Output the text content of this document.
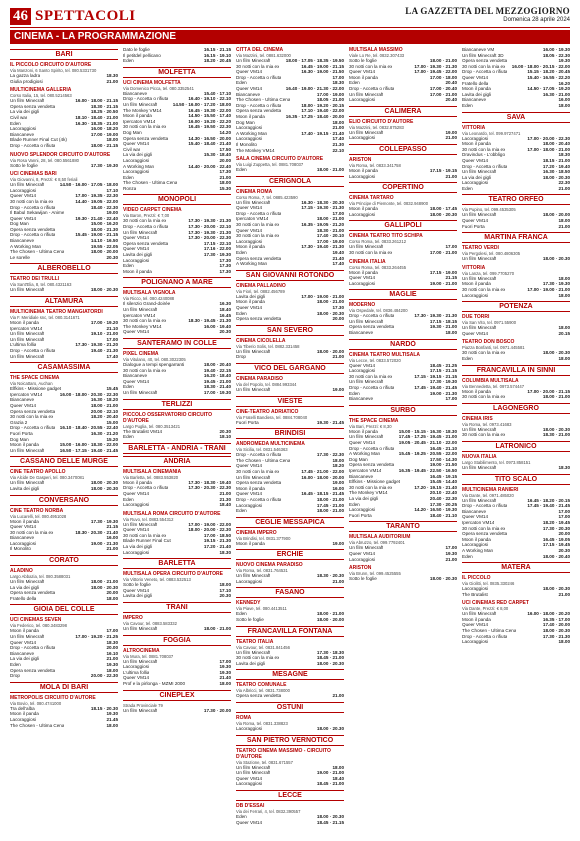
46 SPETTACOLI	LA GAZZETTA DEL MEZZOGIORNO
Domenica 28 aprile 2024
CINEMA - LA PROGRAMMAZIONE
BARI
IL PICCOLO CIRCUITO D'AUTORE
Via Manzoni, 6 Santo Spirito, tel. 080.5331730
La gazza ladra	18.30
Giulia prodigiosi	21.00
MULTICINEMA GALLERIA
Corso Italia, 15, tel. 080.5214563
Un film Minecraft	16.00 · 18.00 · 21.15
Opera senza vendetta	18.30 · 21.15
La via dei gigli	18.25 · 20.50
Civil war	18.10 · 18.40 · 21.00
Eden	16.30 · 18.35 · 21.00
Lacoraggiosi	16.00 · 18.20
Biancaneve	17.00 · 19.00
Blade Runner Final Cut (4k)	18.00
Drop - Accetta o rifiuta	18.00 · 21.15
NUOVO SPLENDOR CIRCUITO D'AUTORE
Via Rosa Vanni, 28, tel. 080.5561880
Sotto le foglie	17.30 · 19.30
UCI CINEMAS BARI
Via Giovanni, 8, Prezzi: € 8,50 feriali
Un film Minecraft	14.50 · 16.00 · 17.05 · 18.00
Lacoraggiosi	17.10
Queer VM14	17.00 · 19.35 · 22.30
30 notti con la mia ex	14.40 · 19.05 · 22.00
Drop - Accetta o rifiuta	18.40 · 22.30
Il Babul Sekawijan - Anime	19.00
Queer VM14	19.30 · 21.40 · 22.40
Dog Man	15.00 · 16.20
Opera senza vendetta	18.00 · 21.30
Drop - Accetta o rifiuta	15.45 · 19.00 · 21.15
Biancaneve	14.10 · 16.50
A Working Man	19.55 · 22.05
The Chosen - Ultima Cena	18.00 · 20.00
Le sorelle	20.30
ALBEROBELLO
TEATRO DEI TRULLI
Via Sant'Elia, 8, tel. 080.4321163
Un film Minecraft	18.00 · 20.30
ALTAMURA
MULTICINEMA TEATRO MANGIATORDI
Via F. Meridiale snc, tel. 080.3141671
Moon il panda	17.00 · 19.20
Ipercaton VM14	21.10
Un film Minecraft	19.10 · 21.00
Un film Minecraft	17.00
L'ultima follia	17.30 · 19.30 · 21.20
Drop - Accetta o rifiuta	19.40 · 21.30
Un film Minecraft	17.40
CASAMASSIMA
THE SPACE CINEMA
Via Noicattaro, Auchan
Elfkins - Missione gadget	15.45
Ipercaton VM14	16.00 · 18.00 · 20.30 · 22.30
Biancaneve	16.30 · 18.20
Queer VM14	18.00 · 21.00
Opera senza vendetta	20.00 · 22.10
30 notti con la mia ex	18.20 · 20.40
Grazia 2	15.00
Drop - Accetta o rifiuta 16.10 · 18.40 · 20.55 · 22.40
Fuori Porta	16.30 · 21.20
Dog Man	15.20
Moon il panda	15.00 · 16.00 · 18.30 · 22.00
Un film Minecraft	16.50 · 17.15 · 19.40 · 21.45
CASSANO DELLE MURGE
CINE TEATRO APOLLO
Via Alcide De Gasperi, tel. 080.3470081
Un film Minecraft	18.00 · 20.30
Lavita dei gigli	18.00 · 20.30
CONVERSANO
CINE TEATRO NORBA
Via Lucarelli, tel. 080.4951028
Moon il panda	17.30 · 19.30
Queer VM14	21.15
30 notti con la mia ex	18.30 · 20.30 · 21.40
Biancaneve	16.00
Lacoraggiosi	19.00 · 21.30
Il Monolito	21.00
CORATO
ALADINO
Largo Abbazia, tel. 080.3588031
Un film Minecraft	18.00 · 21.00
La via dei gigli	18.00 · 20.30
Opera senza vendetta	20.00
Fratello della	18.00
GIOIA DEL COLLE
UCI CINEMAS SEVEN
Via Federico, tel. 080.3483298
Moon il panda	17.00
Un film Minecraft	17.00 · 19.20 · 21.25
Queer VM14	18.30
Drop - Accetta o rifiuta	20.00
Biancaneve	16.10
La via dei gigli	21.00
Eden	19.30
Opera senza vendetta	18.00
Drop	20.00 · 22.30
MOLA DI BARI
METROPOLIS CIRCUITO D'AUTORE
Via Bovio, tel. 080.4741000
Tra dell'alba	18.15 · 20.30
Moon il panda	19.30
Lacoraggiosi	21.45
The Chosen - Ultima Cena	18.00
Dato le foglie	16.15 · 21.15
Il petitdel pellicano	16.15 · 19.10
Eden	18.20 · 20.45
MOLFETTA
UCI CINEMA MOLFETTA
Via Domenico Picca, tel. 080.3352541
Biancaneve	15.40 · 17.10
Drop - Accetta o rifiuta	16.40 · 19.10 · 22.10
Un film Minecraft	14.50 · 16.00 · 17.20 · 18.00
The Monkey VM14	16.45 · 19.30 · 22.00
Moon il panda	14.50 · 15.50 · 17.40
Ipercaton VM14	16.00 · 19.20 · 22.20
30 notti con la mia ex	16.45 · 19.50 · 22.30
Dog Man	14.20
Opera senza vendetta	14.30 · 16.50 · 20.00
Queer VM14	15.40 · 18.40 · 21.40
Civil war	17.50
La via dei gigli	15.30 · 18.40
Lacoraggiosi	20.00
A Working Man	14.40 · 20.00 · 22.40
Lacoraggiosi	17.30
Eden	21.00
The Chosen - Ultima Cena	18.00
Ronza	15.30
MONOPOLI
VIDEO CARPET CINEMA
Via Baron, Prezzi: € 7,00
30 notti con la mia ex	17.30 · 19.30 · 21.30
Drop - Accetta o rifiuta	17.30 · 20.00 · 22.10
Un film Minecraft	17.30 · 19.30 · 21.30
Queer VM14	17.30 · 20.00 · 22.30
Opera senza vendetta	17.15 · 22.10
Queer VM14	17.16 · 22.00
Lavita dei gigli	17.30 · 19.30
Lacoraggiosi	17.30
Eden	17.30
Moon il panda	17.30
POLIGNANO A MARE
MULTISALA VIGNOLA
Via Ricco, tel. 080.4240088
Il silenzio Grand-doirée	16.30
Un film Minecraft	18.40
Ipercaton VM14	16.45
30 notti con la mia ex	18.30 · 19.45 · 21.30
The Monkey VM14	16.00 · 19.40
Queer VM14	20.30
SANTERAMO IN COLLE
PIXEL CINEMA
Via Vitulano, 40, tel. 080.3022305
Dialogue a tempi spengarranti	18.00 · 20.40
30 notti con la mia ex	19.40 · 22.15
Biancaneve	16.20 · 18.40
Queer VM14	19.45 · 21.00
Eden	18.30 · 21.40
Un film Minecraft	17.00 · 19.30
TERLIZZI
PICCOLO OSSERVATORIO CIRCUITO D'AUTORE
Largo Puglia, tel. 080.3513421
The Brutalist VM14	20.30
Eden	18.10
BARLETTA - ANDRIA - TRANI
ANDRIA
MULTISALA CINEMANIA
Via Barletta, tel. 0883.553820
Moon il panda	17.30 · 18.30 · 19.40
Drop - Accetta o rifiuta	17.30 · 20.30 · 22.30
Queer VM14	21.00
Eden	21.30
Lacoraggiosi	18.40
MULTISALA ROMA CIRCUITO D'AUTORE
Via Ruvo, tel. 0883.554312
Un film Minecraft	17.00 · 19.00 · 22.00
Queer VM14	18.00 · 20.00 · 22.30
30 notti con la mia ex	17.00 · 18.50
Blade Runner Final Cut	19.15 · 21.30
La via dei gigli	17.20 · 21.40
Lacoraggiosi	18.30
BARLETTA
MULTISALA OPERA CIRCUITO D'AUTORE
Via Vittorio Veneto, tel. 0883.532513
Sotto le foglie	18.00
Queer VM14	17.10
Lavita dei gigli	20.30
TRANI
IMPERO
Via Cavour, tel. 0883.583332
Un film Minecraft	18.00 · 21.00
FOGGIA
ALTROCINEMA
Via Mura, tel. 0881.708037
Un film Minecraft	17.00
Lacoraggiosi	19.30
L'ultima follia	19.30
Queer VM14	21.40
Prof e la pirlonga - MZMI 2000	18.00
CINEPLEX
Strada Provinciale 79
Un film Minecraft	17.30 · 20.00
CITTÀ DEL CINEMA
Via Mazzini, tel. 0881.632000
Un film Minecraft	18.00 · 17.05 · 18.35 · 19.50
30 notti con la mia ex	16.45 · 19.00 · 21.15
Queer VM14	16.30 · 19.00 · 21.50
Drop - Accetta o rifiuta	17.00
Eden	18.30
Queer VM14	16.40 · 19.00 · 21.30 · 22.00
Biancaneve	17.00 · 19.00
The Chosen - Ultima Cena	18.05 · 21.00
Drop - Accetta o rifiuta	18.00 · 19.20 · 20.15
Opera senza vendetta	17.10 · 19.40 · 22.00
Moon il panda	16.35 · 17.25 · 18.40 · 20.00
Dog Man	18.00
Lacoraggiosi	21.00
A Working Man	17.40 · 19.15 · 21.40
Lacoraggiosi	17.40
Il Monolito	21.30
The Monkey VM14	22.10
SALA CINEMA CIRCUITO D'AUTORE
Via Luigi Zuppetta, tel. 0881.708037
Eden	18.00 · 21.00
CERIGNOLA
CINEMA ROMA
Corso Roma, 7, tel. 0885.423590
Un film Minecraft	16.30 · 18.30 · 20.30
Queer VM14	17.15 · 19.30 · 21.30
Drop - Accetta o rifiuta	17.00
Ipercaton VM14	18.00 · 21.00
30 notti con la mia ex	16.35 · 19.05 · 21.20
Queer VM14	18.30 · 21.00
30 notti con la mia ex	17.40 · 20.10
Lacoraggiosi	17.00 · 19.00
Moon il panda	17.30 · 19.40 · 21.30
Eden	19.40
Opera senza vendetta	21.40
A Working Man	17.40
SAN GIOVANNI ROTONDO
CINEMA PALLADINO
Via Fiori, tel. 0882.456789
Lavita dei gigli	17.00 · 19.00 · 21.00
Moon il panda	18.00 · 21.00
Queer VM14	17.30
Eden	18.00 · 20.30
Opera senza vendetta	20.00
SAN SEVERO
CINEMA CICOLELLA
Via Tiberio Solis, tel. 0882.331458
Un film Minecraft	18.00 · 20.00
Drop	21.00
VICO DEL GARGANO
CINEMA PARADISO
Via del Popolo, tel. 0884.993344
Un film Minecraft	19.00
VIESTE
CINE-TEATRO ADRIATICO
Via Fratelli Bandiera, tel. 0884.708040
Fuori Porta	19.30 · 21.45
BRINDISI
ANDROMEDA MULTICINEMA
Via Sicilia, tel. 0831.546363
Drop - Accetta o rifiuta	17.30 · 22.30
The Chosen - Ultima Cena	18.00
Queer VM14	18.20
30 notti con la mia ex	17.45 · 21.00 · 22.00
Un film Minecraft	16.00 · 18.00 · 20.00
Opera senza vendetta	19.00
Moon il panda	16.00
Queer VM14	16.45 · 18.15 · 21.45
Drop - Accetta o rifiuta	18.00 · 21.00
Lacoraggiosi	17.45 · 21.00
Eden	18.00 · 21.00
CEGLIE MESSAPICA
CINEMA IMPERO
Via Brindisi, tel. 0831.377900
Moon il panda	19.00
ERCHIE
NUOVO CINEMA PARADISO
Via Roma, tel. 0831.764531
Un film Minecraft	18.30 · 20.30
Lacoraggiosi	21.00
FASANO
KENNEDY
Via Piave, tel. 080.4413511
Eden	18.00 · 21.00
Sotto le foglie	18.00 · 20.00
FRANCAVILLA FONTANA
TEATRO ITALIA
Via Cavour, tel. 0831.841456
Un film Minecraft	17.30 · 18.30
30 notti con la mia ex	18.45 · 21.00
Lavita dei gigli	18.00 · 20.30
MESAGNE
TEATRO COMUNALE
Via Albricci, tel. 0831.738000
Opera senza vendetta	21.00
OSTUNI
ROMA
Via Roma, tel. 0831.338823
Lacoraggiosi	18.00 · 20.30
SAN PIETRO VERNOTICO
TEATRO CINEMA MASSIMO - CIRCUITO D'AUTORE
Via Stazione, tel. 0831.671557
Un film Minecraft	18.00
Un film Minecraft	19.00 · 21.00
Queer VM14	18.40
Lacoraggiosi	18.45 · 21.00
LECCE
DB D'ESSAI
Via dei Ferrari, 4, tel. 0832.390557
Eden	18.00 · 20.30
Queer VM14	18.45 · 21.15
MULTISALA MASSIMO
Viale Lo Re, tel. 0832.307433
Sotto le foglie	18.00 · 21.00
30 notti con la mia ex	17.00 · 19.30 · 21.30
Queer VM14	17.00 · 19.45 · 22.00
Moon il panda	17.00 · 18.00
Eden	20.40
Drop - Accetta o rifiuta	17.00 · 20.40
Un film Minecraft	17.00 · 21.00
Lacoraggiosi	20.40
CALIMERA
ELIO CIRCUITO D'AUTORE
Via Mazzini, tel. 0832.875283
Un film Minecraft	19.00
Lacoraggiosi	21.00
COLLEPASSO
ARISTON
Via Roma, tel. 0833.341758
Moon il panda	17.15 · 19.15
Lacoraggiosi	21.00
COPERTINO
CINEMA TARTARO
Via Principe di Piemonte, tel. 0832.948900
Moon il panda	18.00 · 17.45
Lacoraggiosi	18.00 · 20.30
GALLIPOLI
CINEMA TEATRO TITO SCHIPA
Corso Roma, tel. 0833.261212
Un film Minecraft	17.00
30 notti con la mia ex	17.00 · 21.00
CINEMA ITALIA
Corso Roma, tel. 0833.264455
Moon il panda	17.15 · 19.00
Queer VM14	21.15
Lacoraggiosi	19.00 · 21.00
MAGLIE
MODERNO
Via Ospedale, tel. 0836.484200
Drop - Accetta o rifiuta	17.30 · 19.30 · 21.30
Un film Minecraft	17.15 · 18.15
Opera senza vendetta	19.30 · 21.00
Biancaneve	18.00
NARDÒ
CINEMA TEATRO MULTISALA
Via Lecce, tel. 0833.572020
Queer VM14	18.45 · 21.25
Lacoraggiosi	17.15 · 21.15
30 notti con la mia ex	17.15 · 19.15 · 21.15
Un film Minecraft	17.30 · 19.30
Drop - Accetta o rifiuta	17.45 · 19.40 · 21.45
Eden	19.00 · 21.30
Biancaneve	17.00
SURBO
THE SPACE CINEMA
Via Bari, Prezzi: € 8,30
Moon il panda	15.00 · 15.15 · 16.30 · 18.30
Un film Minecraft	17.45 · 17.25 · 19.45 · 21.00
Queer VM14	19.05 · 20.45 · 21.10 · 22.00
Drop - Accetta o rifiuta	16.45 · 21.10
A Working Man	15.45 · 19.25 · 20.55 · 22.00
Dog Man	17.50 · 14.30
Opera senza vendetta	19.00 · 21.50
Ipercaton VM14	16.35 · 19.45 · 22.50 · 16.50
Biancaneve	16.45 · 19.15
Elfkins - Missione gadget	15.45 · 14.40
30 notti con la mia ex	17.20 · 19.15 · 21.40
The Monkey VM14	20.10 · 22.40
La via dei gigli	20.40 · 22.30
Eden	17.30 · 20.25
Lacoraggiosi	14.20 · 16.50 · 19.30
Fuori Porta	18.40 · 21.10
TARANTO
MULTISALA AUDITORIUM
Via Abruzzo, tel. 099.7792401
Un film Minecraft	17.00
Queer VM14	19.30
Lacoraggiosi	21.00
ARISTON
Via Brunn, tel. 099.4525555
Sotto le foglie	18.00 · 20.30
Biancaneve VM	16.00 · 19.30
Un film Minecraft 3D	18.05 · 22.30
Opera senza vendetta	19.30
30 notti con la mia ex 16.00 · 18.00 · 20.15 · 22.00
Drop - Accetta o rifiuta	15.15 · 18.20 · 20.45
Queer VM14	15.40 · 16.55 · 22.20
Fratello della	16.20
Moon il panda	14.50 · 17.05 · 19.20
Lavita dei gigli	16.30 · 21.00
Biancaneve	16.00
Eden	18.00
SAVA
VITTORIA
Via Leonardo, tel. 099.9727471
Lacoraggiosi	17.00 · 20.00 · 22.30
Moon il panda	18.00 · 20.40
30 notti con la mia ex	17.00 · 18.00 · 21.00
Dravindus - L'obbligo	18.30
Queer VM14	18.15 · 21.00
Drop - Accetta o rifiuta	17.20 · 19.40
Un film Minecraft	16.30 · 18.50
La via dei gigli	18.00 · 20.30
Lacoraggiosi	22.30
Eden	21.00
TEATRO ORFEO
Via Pupino, tel. 099.4535305
Un film Minecraft	18.00 · 20.00
Queer VM14	18.00
Fuori Porta	21.00
MARTINA FRANCA
TEATRO VERDI
Via Pergolesi, tel. 080.4806305
Un film Minecraft	18.00 · 20.30
VITTORIA
Via Lanza, tel. 099.7705270
Un film Minecraft	18.00
Moon il panda	17.30 · 19.30
30 notti con la mia ex	17.00 · 19.00 · 21.00
Lacoraggiosi	18.00
POTENZA
DUE TORRI
Via San Vito, tel. 0971.55900
Un film Minecraft	18.00
Queer VM14	20.15
TEATRO DON BOSCO
Piazza Bonfanti, tel. 0971.445581
30 notti con la mia ex	18.00 · 20.30
Eden	18.00
FRANCAVILLA IN SINNI
COLUMBIA MULTISALA
Via Bennedetta, tel. 0973.574447
Moon il panda	17.00 · 20.00 · 21.15
30 notti con la mia ex	18.00 · 21.00
LAGONEGRO
CINEMA IRIS
Via Roma, tel. 0973.41683
Un film Minecraft	18.00 · 20.30
30 notti con la mia ex	18.30 · 21.00
LATRONICO
NUOVA ITALIA
Largo Stabilimento, tel. 0973.858151
Un film Minecraft	18.30
TITO SCALO
MULTICINEMA RANIERI
Via Dante, tel. 0971.485020
Un film Minecraft	16.45 · 18.20 · 20.15
Drop - Accetta o rifiuta	17.45 · 19.40 · 21.45
Biancaneve	17.00
Queer VM14	17.00
Ipercaton VM14	18.20 · 19.45
30 notti con la mia ex	17.30 · 20.30
Opera senza vendetta	20.00
Moon il panda	16.45 · 19.05
Lacoraggiosi	17.15 · 19.45
A Working Man	20.30
Eden	18.00 · 20.40
MATERA
IL PICCOLO
Via Giolitti, tel. 0835.330246
Lacoraggiosi	18.00 · 20.30
The Brutalist	21.00
UCI CINEMAS RED CARPET
Via Dante, Prezzi: € 8,00
Un film Minecraft	16.00 · 18.00 · 20.20
Moon il panda	16.35 · 17.00
Queer VM14	17.40 · 20.00
The Chosen - Ultima Cena	18.00 · 20.30
Drop - Accetta o rifiuta	17.30 · 21.30
Lacoraggiosi	18.00
